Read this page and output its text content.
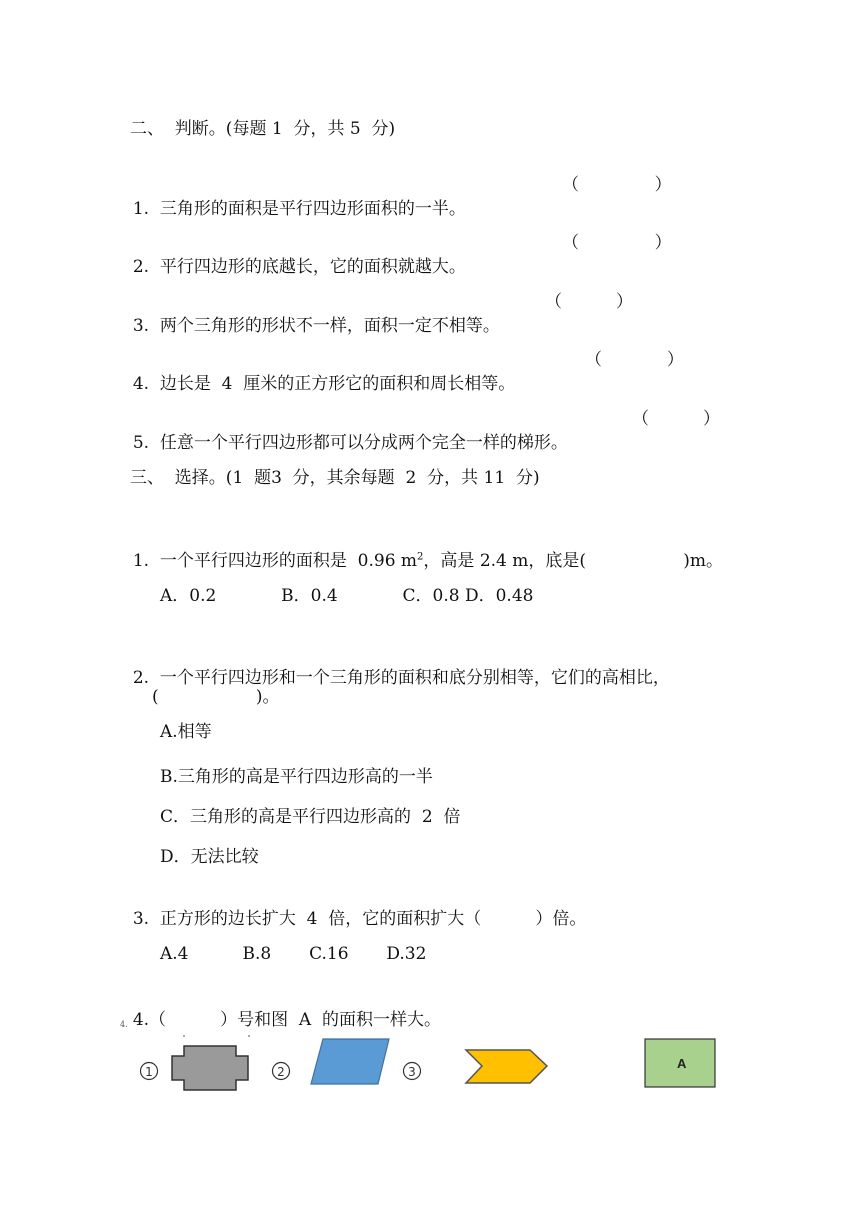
二、  判断。(每题 1  分，共 5  分)

1. 三角形的面积是平行四边形面积的一半。

（              ）

2. 平行四边形的底越长，它的面积就越大。

（              ）

3. 两个三角形的形状不一样，面积一定不相等。

（          ）

4. 边长是  4  厘米的正方形它的面积和周长相等。

（            ）

5. 任意一个平行四边形都可以分成两个完全一样的梯形。

（          ）
三、  选择。(1  题3  分，其余每题  2  分，共 11  分)

1. 一个平行四边形的面积是  0.96 $m^2$，高是 2.4 m，底是(                  )m。

A．0.2            B．0.4            C．0.8 D．0.48

2. 一个平行四边形和一个三角形的面积和底分别相等，它们的高相比，

(                  )。
A.相等
B.三角形的高是平行四边形高的一半
C．三角形的高是平行四边形高的  2  倍
D．无法比较

3. 正方形的边长扩大  4  倍，它的面积扩大（          ）倍。

A.4          B.8       C.16       D.32

4.（          ）号和图  A  的面积一样大。

4.
1	2	3
A
